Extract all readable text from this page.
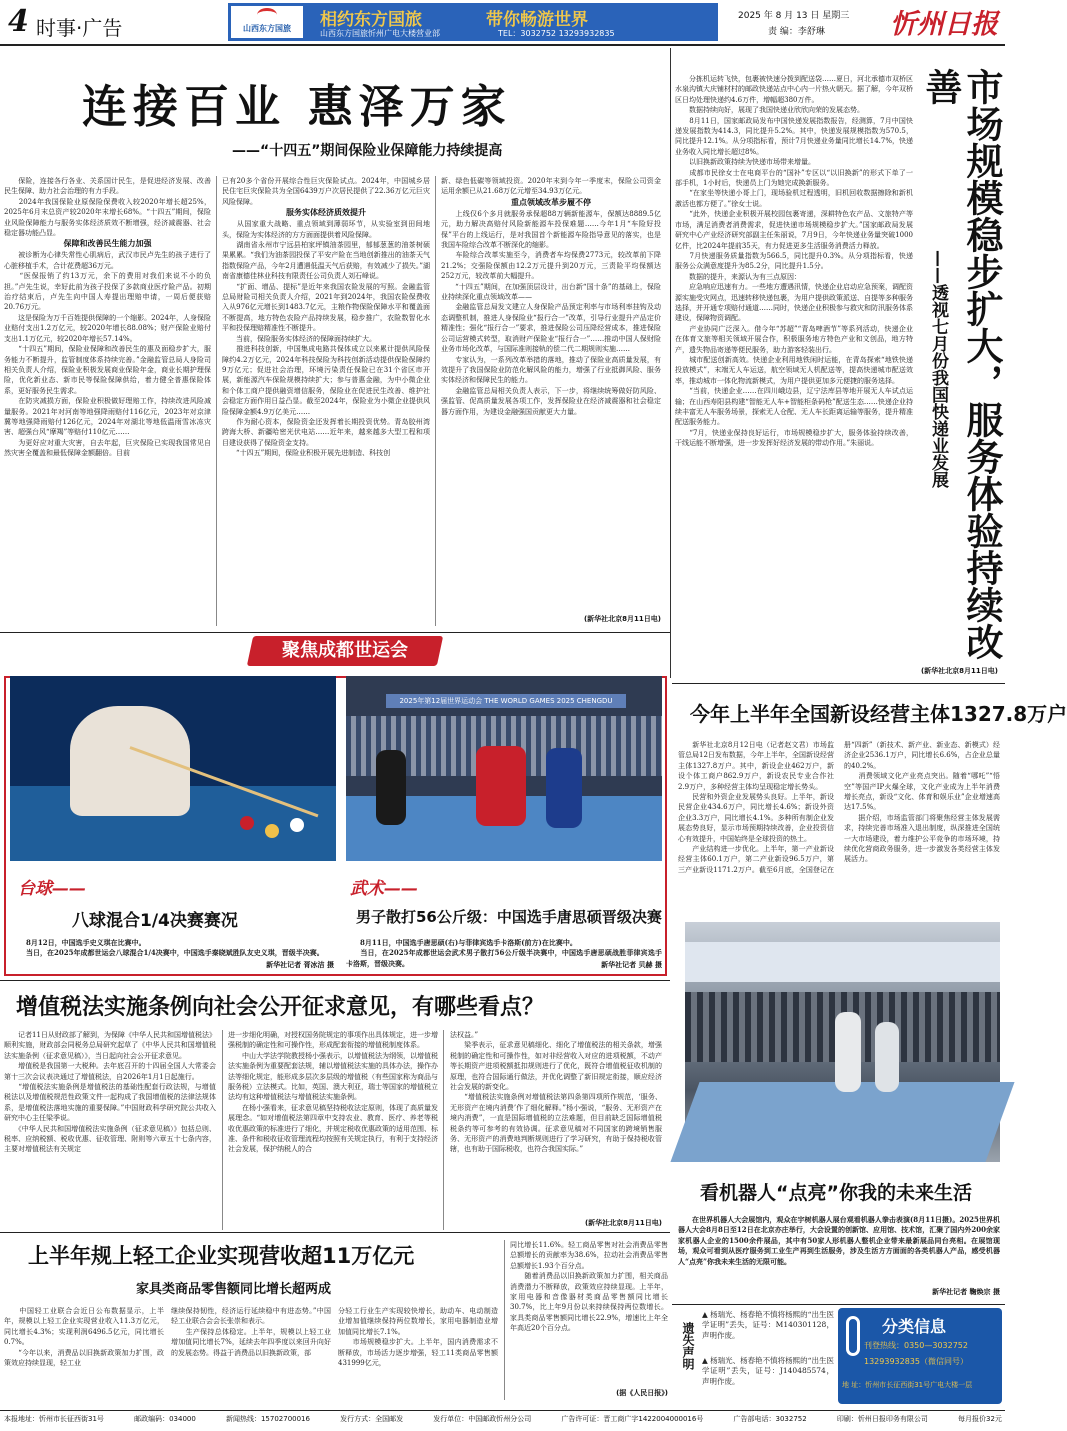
4 时事·广告	山西东方国旅	相约东方国旅	带你畅游世界
山西东方国旅忻州广电大楼营业部	TEL：3032752 13293932835
2025 年 8 月 13 日 星期三
责 编：李舒琳 忻州日报
连接百业 惠泽万家
——“十四五”期间保险业保障能力持续提高
　　保险，连接各行各业、关系国计民生，是促进经济发展、改善民生保障、助力社会治理的有力手段。
　　2024年我国保险业原保险保费收入较2020年增长超25%，2025年6月末总资产较2020年末增长68%。“十四五”期间，保险业风险保障能力与服务实体经济质效不断增强，经济减震器、社会稳定器功能凸显。
保障和改善民生能力加强
　　被诊断为心律失常性心肌病后，武汉市民卢先生的孩子进行了心脏移植手术，合计花费超36万元。
　　“医保报销了约13万元，余下的费用对我们来说不小的负担。”卢先生说，幸好此前为孩子投保了多款商业医疗险产品。初期治疗结束后，卢先生向中国人寿提出理赔申请，一周后便获赔20.76万元。
　　这是保险为万千百姓提供保障的一个缩影。2024年，人身保险业赔付支出1.2万亿元，较2020年增长88.08%；财产保险业赔付支出1.1万亿元，较2020年增长57.14%。
　　“十四五”期间，保险业保障和改善民生的惠及面稳步扩大，服务能力不断提升，监管制度体系持续完善。”金融监管总局人身险司相关负责人介绍，保险业积极发展商业保险年金，商业长期护理保险，优化新业态、新市民等保险保障供给，着力健全普惠保险体系，更好服务民生需求。
　　在防灾减损方面，保险业积极做好理赔工作，持续改进风险减量服务。2021年对河南等地强降雨赔付116亿元，2023年对京津冀等地强降雨赔付126亿元，2024年对湖北等地低温雨雪冰冻灾害、超强台风“摩羯”等赔付110亿元……
　　为更好应对重大灾害，自去年起，巨灾保险已实现我国常见自然灾害全覆盖和最低保障金额翻倍。目前
已有20多个省份开展综合性巨灾保险试点。2024年，中国城乡居民住宅巨灾保险共为全国6439万户次居民提供了22.36万亿元巨灾风险保障。
服务实体经济质效提升
　　从国家重大战略、重点领域到薄弱环节，从实验室到田间地头，保险为实体经济的方方面面提供着风险保障。
　　湖南省永州市宁远县柏家坪镇油茶园里，郁郁葱葱的油茶树硕果累累。“我们为油茶园投保了平安产险在当地创新推出的油茶天气指数保险产品，今年2月遭遇低温天气后获赔，有效减少了损失。”湖南省康德佳林业科技有限责任公司负责人刘石峰说。
　　“扩面、增品、提标”是近年来我国农险发展的写照。金融监管总局财险司相关负责人介绍，2021年到2024年，我国农险保费收入从976亿元增长到1483.7亿元，主粮作物保险保障水平和覆盖面不断提高，地方特色农险产品持续发展，稳步推广，农险数智化水平和投保理赔精准性不断提升。
　　当前，保险服务实体经济的保障面持续扩大。
　　推进科技创新，中国集成电路共保体成立以来累计提供风险保障约4.2万亿元，2024年科技保险为科技创新活动提供保险保障约9万亿元；促进社会治理，环境污染责任保险已在31个省区市开展，新能源汽车保险规模持续扩大；参与普惠金融，为中小微企业和个体工商户提供融资增信服务，保险业在促进民生改善、维护社会稳定方面作用日益凸显。截至2024年，保险业为小微企业提供风险保障金额4.9万亿美元……
　　作为耐心资本，保险资金还发挥着长期投资优势。青岛胶州湾跨海大桥、新疆哈密光伏电站……近年来，越来越多大型工程和项目建设获得了保险资金支持。
　　“十四五”期间，保险业积极开展先进制造、科技创
新、绿色低碳等领域投资。2020年末到今年一季度末，保险公司资金运用余额已从21.68万亿元增至34.93万亿元。
重点领域改革步履不停
　　上线仅6个多月就服务承保超88万辆新能源车，保额达8889.5亿元，助力解决高赔付风险新能源车投保难题……今年1月“车险好投保”平台的上线运行，是对我国首个新能源车险指导意见的落实，也是我国车险综合改革不断深化的缩影。
　　车险综合改革实施至今，消费者车均保费2773元，较改革前下降21.2%；交强险保额由12.2万元提升到20万元，三责险平均保额达252万元，较改革前大幅提升。
　　“十四五”期间，在加强顶层设计，出台新“国十条”的基础上，保险业持续深化重点领域改革——
　　金融监管总局发文建立人身保险产品预定利率与市场利率挂钩及动态调整机制，推进人身保险业“报行合一”改革，引导行业提升产品定价精准性；强化“报行合一”要求，推进保险公司压降经营成本，推进保险公司运营模式转型，取消财产保险业“报行合一”……推动中国人保财险业务市场化改革，与国际准则接轨的偿二代二期规则实施……
　　专家认为，一系列改革举措的落地，推动了保险业高质量发展，有效提升了我国保险业防范化解风险的能力，增强了行业抵御风险、服务实体经济和保障民生的能力。
　　金融监管总局相关负责人表示，下一步，将继续统筹做好防风险、强监管、促高质量发展各项工作，发挥保险业在经济减震器和社会稳定器方面作用，为建设金融强国贡献更大力量。
(新华社北京8月11日电)	市场规模稳步扩大，服务体验持续改善
——透视七月份我国快递业发展
　　分拣机运转飞快，包裹被快速分拨到配送袋……夏日，河北承德市双桥区水泉沟镇大庆铺材村的邮政快递站点中心内一片热火朝天。据了解，今年双桥区日均处理快递约4.6万件，增幅超380万件。
　　数据持续向好，展现了我国快递业欣欣向荣的发展态势。
　　8月11日，国家邮政局发布中国快递发展指数报告，经测算，7月中国快递发展指数为414.3，同比提升5.2%。其中，快递发展规模指数为570.5，同比提升12.1%。从分项指标看，预计7月快递业务量同比增长14.7%，快递业务收入同比增长超过8%。
　　以旧换新政策持续为快递市场带来增量。
　　成都市民徐女士在电商平台的“国补”专区以“以旧换新”的形式下单了一部手机，1小时后，快递员上门为她完成换新服务。
　　“在家坐等快递小哥上门，现场验机过程透明，旧机回收数据擦除和新机激活也都方便了。”徐女士说。
　　“此外，快递企业积极开展校园包裹寄递，深耕特色农产品、文旅特产等市场，满足消费者消费需求，促进快递市场规模稳步扩大。”国家邮政局发展研究中心产业经济研究部副主任朱丽说，7月9日，今年快递业务量突破1000亿件，比2024年提前35天，有力促进更多生活服务消费活力释放。
　　7月快递服务质量指数为566.5，同比提升0.3%。从分项指标看，快递服务公众满意度提升为85.2分，同比提升1.5分。
　　数据的提升，来源认为有三点原因：
　　应急响应迅速有力。一些地方遭遇汛情，快递企业启动应急预案，调配资源实施受灾网点，迅速转移快递包裹，为用户提供政策派送、自提等多种服务选择，并开通专项赔付通道……同时，快递企业积极参与救灾和防汛服务体系建设，保障物资调配。
　　产业协同广泛深入。借今年“苏超”“青岛啤酒节”等系列活动，快递企业在体育文旅等相关领域开展合作，积极服务地方特色产业和文创品，地方特产，遗失物品寄递等便民服务，助力游客轻装出行。
　　城市配送创新高效。快递企业利用地铁闲时运能，在青岛探索“地铁快递投放模式”，末端无人车运送，航空领域无人机配送等，提高快递城市配送效率，推动城市一体化物流新模式，为用户提供更加多元便捷的服务选择。
　　“当前，快递企业……在四川峨边县，辽宁法库县等地开展无人车试点运输；在山西寿阳县构建“智能无人车+智能柜条码枪”配送生态……快递企业持续丰富无人车服务场景，探索无人仓配、无人车长距离运输等服务，提升精准配送服务能力。
　　“7月，快递业保持良好运行，市场规模稳步扩大，服务体验持续改善，干线运能不断增强，进一步发挥好经济发展的带动作用。”朱丽说。
(新华社北京8月11日电)
今年上半年全国新设经营主体1327.8万户
　　新华社北京8月12日电（记者赵文君）市场监管总局12日发布数据，今年上半年，全国新设经营主体1327.8万户。其中，新设企业462万户，新设个体工商户862.9万户，新设农民专业合作社2.9万户，多种经营主体均呈现稳定增长势头。
　　民营和外资企业发展势头良好。上半年，新设民营企业434.6万户，同比增长4.6%；新设外资企业3.3万户，同比增长4.1%。多种所有制企业发展态势良好，显示市场预期持续改善，企业投资信心有效提升，中国始终是全球投资的热土。
　　产业结构进一步优化。上半年，第一产业新设经营主体60.1万户，第二产业新设96.5万户，第三产业新设1171.2万户。截至6月底，全国登记在册“四新”（新技术、新产业、新业态、新模式）经济企业2536.1万户，同比增长6.6%，占企业总量的40.2%。
　　消费领域文化产业亮点突出。随着“哪吒”“悟空”等国产IP火爆全球，文化产业成为上半年消费增长亮点，新设“文化、体育和娱乐业”企业增速高达17.5%。
　　据介绍，市场监管部门将聚焦经营主体发展需求，持续完善市场准入退出制度，纵深推进全国统一大市场建设，着力维护公平竞争的市场环境，持续优化营商政务服务，进一步激发各类经营主体发展活力。
看机器人“点亮”你我的未来生活
　　在世界机器人大会展馆内，观众在宇树机器人展台观看机器人拳击表演(8月11日摄)。2025世界机器人大会8月8日至12日在北京亦庄举行，大会设置的创新馆、应用馆、技术馆，汇聚了国内外200余家家机器人企业的1500余件展品，其中有50家人形机器人整机企业带来最新展品同台亮相。在展馆现场，观众可看到从医疗服务到工业生产再到生活服务，涉及生活方方面面的各类机器人产品，感受机器人“点亮”你我未来生活的无限可能。
新华社记者 鞠焕宗 摄
聚焦成都世运会
2025年第12届世界运动会 THE WORLD GAMES 2025 CHENGDU
台球——
八球混合1/4决赛赛况
　　8月12日，中国选手史义琪在比赛中。
　　当日，在2025年成都世运会八球混合1/4决赛中，中国选手秦晓斌胜队友史义琪，晋级半决赛。
新华社记者 胥冰洁 摄
武术——
男子散打56公斤级：中国选手唐思硕晋级决赛
　　8月11日，中国选手唐思硕(右)与菲律宾选手卡洛斯(前方)在比赛中。
　　当日，在2025年成都世运会武术男子散打56公斤级半决赛中，中国选手唐思硕战胜菲律宾选手卡洛斯，晋级决赛。	新华社记者 贝赫 摄
增值税法实施条例向社会公开征求意见，有哪些看点？
　　记者11日从财政部了解到，为保障《中华人民共和国增值税法》顺利实施，财政部会同税务总局研究起草了《中华人民共和国增值税法实施条例（征求意见稿）》，当日起向社会公开征求意见。
　　增值税是我国第一大税种。去年底召开的十四届全国人大常委会第十三次会议表决通过了增值税法，自2026年1月1日起施行。
　　“增值税法实施条例是增值税法的基础性配套行政法规，与增值税法以及增值税规范性政策文件一起构成了我国增值税的法律法规体系，是增值税法落地实施的重要保障。”中国财政科学研究院公共收入研究中心主任梁季说。
　　《中华人民共和国增值税法实施条例（征求意见稿）》包括总则、税率、应纳税额、税收优惠、征收管理、附则等六章五十七条内容，主要对增值税法有关规定
进一步细化明确，对授权国务院规定的事项作出具体规定，进一步增强税制的确定性和可操作性，形成配套衔接的增值税制度体系。
　　中山大学法学院教授杨小强表示，以增值税法为纲领，以增值税法实施条例为重要配套法规，辅以增值税法实施的具体办法，操作办法等细化规定，能形成多层次多层级的增值税（有些国家称为商品与服务税）立法模式。比如，英国、澳大利亚，瑞士等国家的增值税立法均有这种增值税法与增值税法实施条例。
　　在杨小强看来，征求意见稿坚持税收法定原则，体现了高质量发展理念。“如对增值税法第四章中支持农业、教育、医疗、养老等税收优惠政策的标准进行了细化，并规定税收优惠政策的适用范围、标准、条件和税收征收管理流程均按照有关规定执行，有利于支持经济社会发展，保护纳税人的合
法权益。”
　　梁季表示，征求意见稿细化、细化了增值税法的相关条款，增强税制的确定性和可操作性，如对非经营收入对应的进项税额，不动产等长期资产进项税额抵扣规则进行了优化，既符合增值税征收机制的原理，也符合国际通行做法，并优化调整了新旧规定衔接，顺应经济社会发展的新变化。
　　“增值税法实施条例对增值税法第四条第四项所作规范，‘服务、无形资产在境内消费’作了细化解释。”杨小强说，“服务、无形资产在境内消费”，一直是国际增值税的立法难题，但目前缺乏国际增值税税条约等可参考的有效协调。征求意见稿对不同国家的跨境销售服务、无形资产的消费地判断规则进行了学习研究，有助于保持税收管辖，也有助于国际税收，也符合我国实际。”
(新华社北京8月11日电)
上半年规上轻工企业实现营收超11万亿元
家具类商品零售额同比增长超两成
　　中国轻工业联合会近日公布数据显示，上半年，规模以上轻工企业实现营业收入11.3万亿元，同比增长4.3%；实现利润6496.5亿元，同比增长0.7%。
　　“今年以来，消费品以旧换新政策加力扩围，政策效应持续显现，轻工业
继续保持韧性，经济运行延续稳中有进态势。”中国轻工业联合会会长张崇和表示。
　　生产保持总体稳定。上半年，规模以上轻工业增加值同比增长7%，延续去年四季度以来回升向好的发展态势。得益于消费品以旧换新政策，部
分轻工行业生产实现较快增长，助动车、电动制造业增加值继续保持两位数增长，家用电器制造业增加值同比增长7.1%。
　　市场规模稳步扩大。上半年，国内消费需求不断释放，市场活力逐步增强，轻工11类商品零售额431999亿元，
同比增长11.6%。轻工商品零售对社会消费品零售总额增长的贡献率为38.6%，拉动社会消费品零售总额增长1.93个百分点。
　　随着消费品以旧换新政策加力扩围，相关商品消费潜力不断释放，政策效应持续显现。上半年，家用电器和音像器材类商品零售额同比增长30.7%，比上年9月份以来持续保持两位数增长。家具类商品零售额同比增长22.9%，增速比上年全年高近20个百分点。
(据《人民日报》)
遗失声明
▲ 杨瑞光、杨春艳不慎将杨熙的“出生医学证明”丢失，证号：M140301128，声明作废。
▲ 杨瑞光、杨春艳不慎将杨熙的“出生医学证明”丢失，证号：J140485574，声明作废。
分类信息
刊登热线：0350—3032752
13293932835（微信同号）
地 址：忻州市长征西街31号广电大楼一层
本报地址：忻州市长征西街31号	邮政编码：034000	新闻热线：15702700016	发行方式：全国邮发	发行单位：中国邮政忻州分公司	广告许可证：晋工商广字1422004000016号	广告部电话：3032752	印刷：忻州日报印务有限公司	每月报价32元
